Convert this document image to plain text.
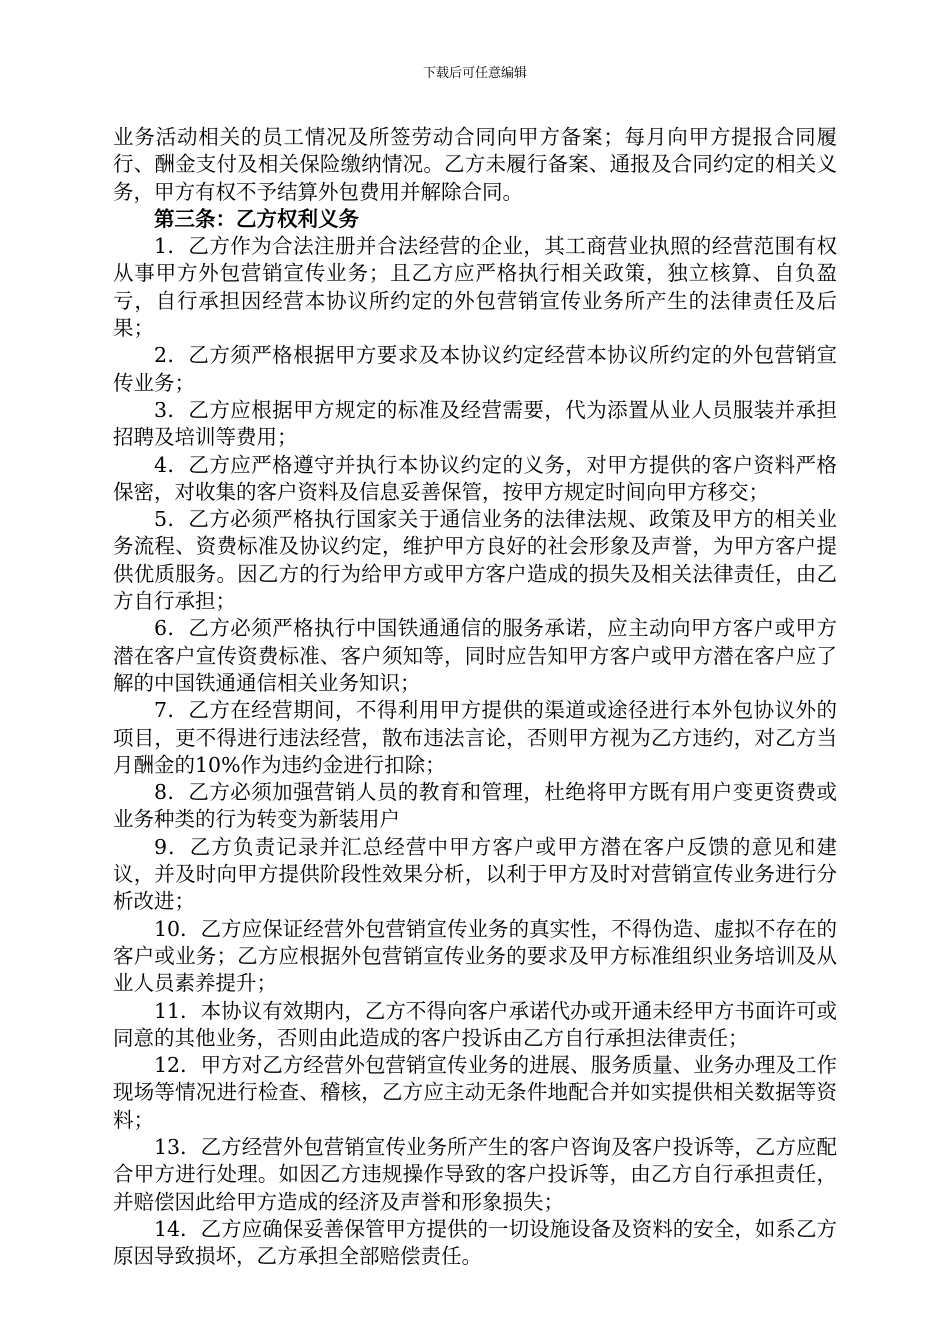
下载后可任意编辑

业务活动相关的员工情况及所签劳动合同向甲方备案；每月向甲方提报合同履行、酬金支付及相关保险缴纳情况。乙方未履行备案、通报及合同约定的相关义务，甲方有权不予结算外包费用并解除合同。

第三条：乙方权利义务

1．乙方作为合法注册并合法经营的企业，其工商营业执照的经营范围有权从事甲方外包营销宣传业务；且乙方应严格执行相关政策，独立核算、自负盈亏，自行承担因经营本协议所约定的外包营销宣传业务所产生的法律责任及后果；

2．乙方须严格根据甲方要求及本协议约定经营本协议所约定的外包营销宣传业务；

3．乙方应根据甲方规定的标准及经营需要，代为添置从业人员服装并承担招聘及培训等费用；

4．乙方应严格遵守并执行本协议约定的义务，对甲方提供的客户资料严格保密，对收集的客户资料及信息妥善保管，按甲方规定时间向甲方移交；

5．乙方必须严格执行国家关于通信业务的法律法规、政策及甲方的相关业务流程、资费标准及协议约定，维护甲方良好的社会形象及声誉，为甲方客户提供优质服务。因乙方的行为给甲方或甲方客户造成的损失及相关法律责任，由乙方自行承担；

6．乙方必须严格执行中国铁通通信的服务承诺，应主动向甲方客户或甲方潜在客户宣传资费标准、客户须知等，同时应告知甲方客户或甲方潜在客户应了解的中国铁通通信相关业务知识；

7．乙方在经营期间，不得利用甲方提供的渠道或途径进行本外包协议外的项目，更不得进行违法经营，散布违法言论，否则甲方视为乙方违约，对乙方当月酬金的10%作为违约金进行扣除；

8．乙方必须加强营销人员的教育和管理，杜绝将甲方既有用户变更资费或业务种类的行为转变为新装用户

9．乙方负责记录并汇总经营中甲方客户或甲方潜在客户反馈的意见和建议，并及时向甲方提供阶段性效果分析，以利于甲方及时对营销宣传业务进行分析改进；

10．乙方应保证经营外包营销宣传业务的真实性，不得伪造、虚拟不存在的客户或业务；乙方应根据外包营销宣传业务的要求及甲方标准组织业务培训及从业人员素养提升；

11．本协议有效期内，乙方不得向客户承诺代办或开通未经甲方书面许可或同意的其他业务，否则由此造成的客户投诉由乙方自行承担法律责任；

12．甲方对乙方经营外包营销宣传业务的进展、服务质量、业务办理及工作现场等情况进行检查、稽核，乙方应主动无条件地配合并如实提供相关数据等资料；

13．乙方经营外包营销宣传业务所产生的客户咨询及客户投诉等，乙方应配合甲方进行处理。如因乙方违规操作导致的客户投诉等，由乙方自行承担责任，并赔偿因此给甲方造成的经济及声誉和形象损失；

14．乙方应确保妥善保管甲方提供的一切设施设备及资料的安全，如系乙方原因导致损坏，乙方承担全部赔偿责任。
